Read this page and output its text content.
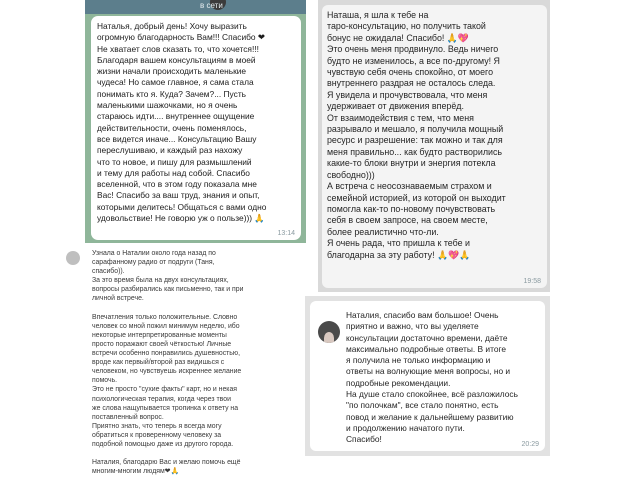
в сети
Наталья, добрый день! Хочу выразить
огромную благодарность Вам!!! Спасибо ❤
Не хватает слов сказать то, что хочется!!!
Благодаря вашем консультациям в моей
жизни начали происходить маленькие
чудеса! Но самое главное, я сама стала
понимать кто я. Куда? Зачем?... Пусть
маленькими шажочками, но я очень
стараюсь идти.... внутреннее ощущение
действительности, очень поменялось,
все видется иначе... Консультацию Вашу
переслушиваю, и каждый раз нахожу
что то новое, и пишу для размышлений
и тему для работы над собой. Спасибо
вселенной, что в этом году показала мне
Вас! Спасибо за ваш труд, знания и опыт,
которыми делитесь! Общаться с вами одно
удовольствие! Не говорю уж о пользе))) 🙏
13:14
Наташа, я шла к тебе на
таро-консультацию, но получить такой
бонус не ожидала! Спасибо! 🙏💖
Это очень меня продвинуло. Ведь ничего
будто не изменилось, а все по-другому! Я
чувствую себя очень спокойно, от моего
внутреннего раздрая не осталось следа.
Я увидела и прочувствовала, что меня
удерживает от движения вперёд.
От взаимодействия с тем, что меня
разрывало и мешало, я получила мощный
ресурс и разрешение: так можно и так для
меня правильно... как будто растворились
какие-то блоки внутри и энергия потекла
свободно)))
А встреча с неосознаваемым страхом и
семейной историей, из которой он выходит
помогла как-то по-новому почувствовать
себя в своем запросе, на своем месте,
более реалистично что-ли.
Я очень рада, что пришла к тебе и
благодарна за эту работу! 🙏💖🙏
19:58
Узнала о Наталии около года назад по
сарафанному радио от подруги (Таня,
спасибо)).
За это время была на двух консультациях,
вопросы разбирались как письменно, так и при
личной встрече.

Впечатления только положительные. Словно
человек со мной пожил минимум неделю, ибо
некоторые интерпретированные моменты
просто поражают своей чёткостью! Личные
встречи особенно понравились душевностью,
вроде как первый/второй раз видишься с
человеком, но чувствуешь искреннее желание
помочь.
Это не просто "сухие факты" карт, но и некая
психологическая терапия, когда через твои
же слова нащупывается тропинка к ответу на
поставленный вопрос.
Приятно знать, что теперь я всегда могу
обратиться к проверенному человеку за
подобной помощью даже из другого города.

Наталия, благодарю Вас и желаю помочь ещё
многим-многим людям❤🙏
Наталия, спасибо вам большое! Очень
приятно и важно, что вы уделяете
консультации достаточно времени, даёте
максимально подробные ответы. В итоге
я получила не только информацию и
ответы на волнующие меня вопросы, но и
подробные рекомендации.
На душе стало спокойнее, всё разложилось
"по полочкам", все стало понятно, есть
повод и желание к дальнейшему развитию
и продолжению начатого пути.
Спасибо!
20:29
